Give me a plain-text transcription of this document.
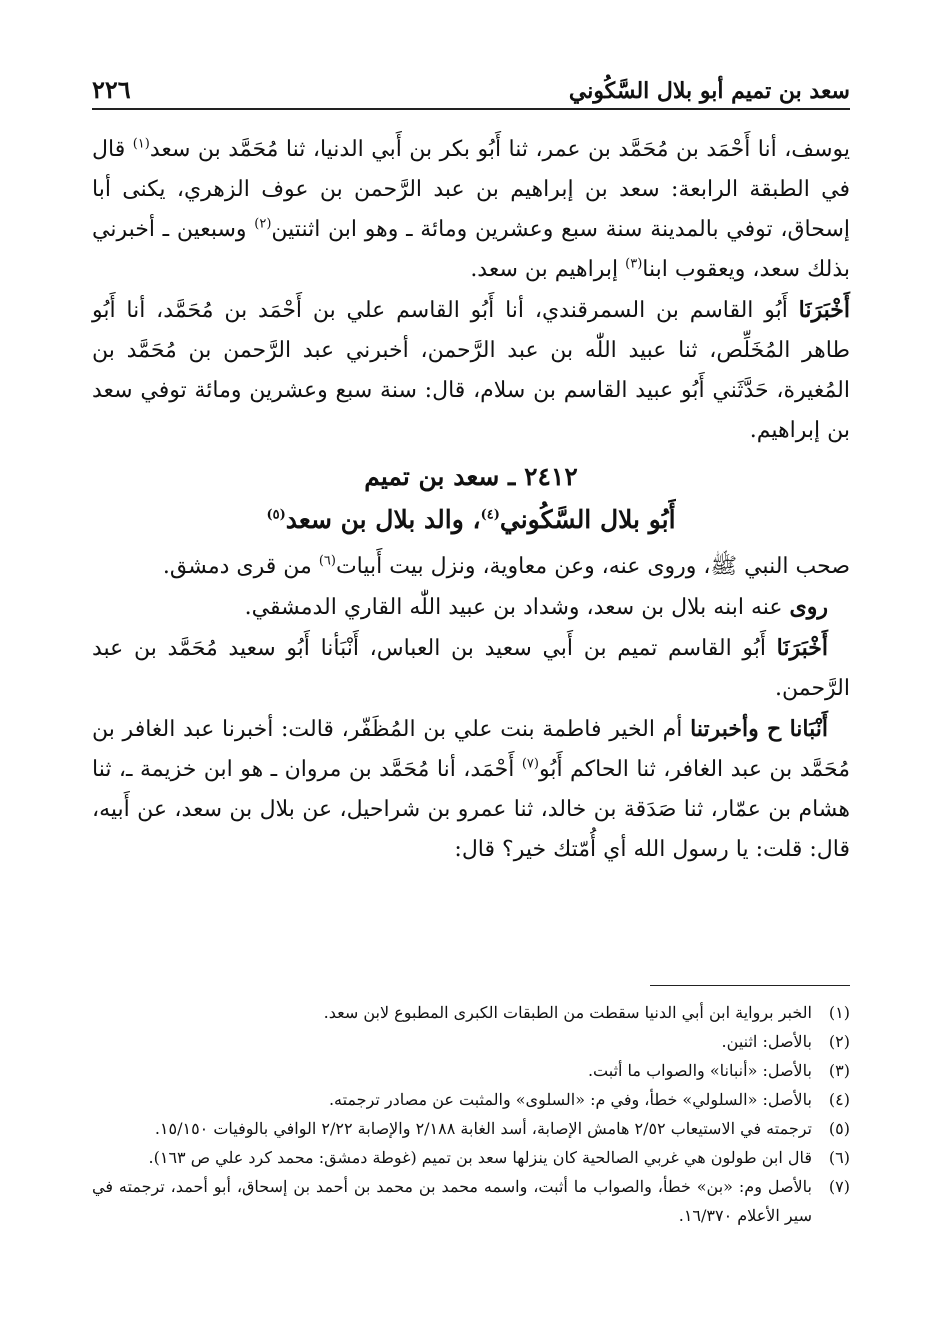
سعد بن تميم أبو بلال السَّكُوني
٢٢٦

يوسف، أنا أَحْمَد بن مُحَمَّد بن عمر، ثنا أَبُو بكر بن أَبي الدنيا، ثنا مُحَمَّد بن سعد$^{(١)}$ قال في الطبقة الرابعة: سعد بن إبراهيم بن عبد الرَّحمن بن عوف الزهري، يكنى أبا إسحاق، توفي بالمدينة سنة سبع وعشرين ومائة ـ وهو ابن اثنتين$^{(٢)}$ وسبعين ـ أخبرني بذلك سعد، ويعقوب ابنا$^{(٣)}$ إبراهيم بن سعد.

أَخْبَرَنَا أَبُو القاسم بن السمرقندي، أنا أَبُو القاسم علي بن أَحْمَد بن مُحَمَّد، أنا أَبُو طاهر المُخَلِّص، ثنا عبيد اللّٰه بن عبد الرَّحمن، أخبرني عبد الرَّحمن بن مُحَمَّد بن المُغيرة، حَدَّثَني أَبُو عبيد القاسم بن سلام، قال: سنة سبع وعشرين ومائة توفي سعد بن إبراهيم.

٢٤١٢ ـ سعد بن تميم
أَبُو بلال السَّكُوني$^{(٤)}$، والد بلال بن سعد$^{(٥)}$

صحب النبي ﷺ، وروى عنه، وعن معاوية، ونزل بيت أَبيات$^{(٦)}$ من قرى دمشق.

روى عنه ابنه بلال بن سعد، وشداد بن عبيد اللّٰه القاري الدمشقي.

أَخْبَرَنَا أَبُو القاسم تميم بن أَبي سعيد بن العباس، أَنْبَأنا أَبُو سعيد مُحَمَّد بن عبد الرَّحمن.

أَنْبَانا ح وأخبرتنا أم الخير فاطمة بنت علي بن المُظَفّر، قالت: أخبرنا عبد الغافر بن مُحَمَّد بن عبد الغافر، ثنا الحاكم أَبُو$^{(٧)}$ أَحْمَد، أنا مُحَمَّد بن مروان ـ هو ابن خزيمة ـ، ثنا هشام بن عمّار، ثنا صَدَقة بن خالد، ثنا عمرو بن شراحيل، عن بلال بن سعد، عن أَبيه، قال: قلت: يا رسول الله أي أُمّتك خير؟ قال:

(١)
الخبر برواية ابن أبي الدنيا سقطت من الطبقات الكبرى المطبوع لابن سعد.
(٢)
بالأصل: اثنين.
(٣)
بالأصل: «أنبانا» والصواب ما أثبت.
(٤)
بالأصل: «السلولي» خطأ، وفي م: «السلوى» والمثبت عن مصادر ترجمته.
(٥)
ترجمته في الاستيعاب ٢/٥٢ هامش الإصابة، أسد الغابة ٢/١٨٨ والإصابة ٢/٢٢ الوافي بالوفيات ١٥/١٥٠.
(٦)
قال ابن طولون هي غربي الصالحية كان ينزلها سعد بن تميم (غوطة دمشق: محمد كرد علي ص ١٦٣).
(٧)
بالأصل وم: «بن» خطأ، والصواب ما أثبت، واسمه محمد بن محمد بن أحمد بن إسحاق، أبو أحمد، ترجمته في سير الأعلام ١٦/٣٧٠.
